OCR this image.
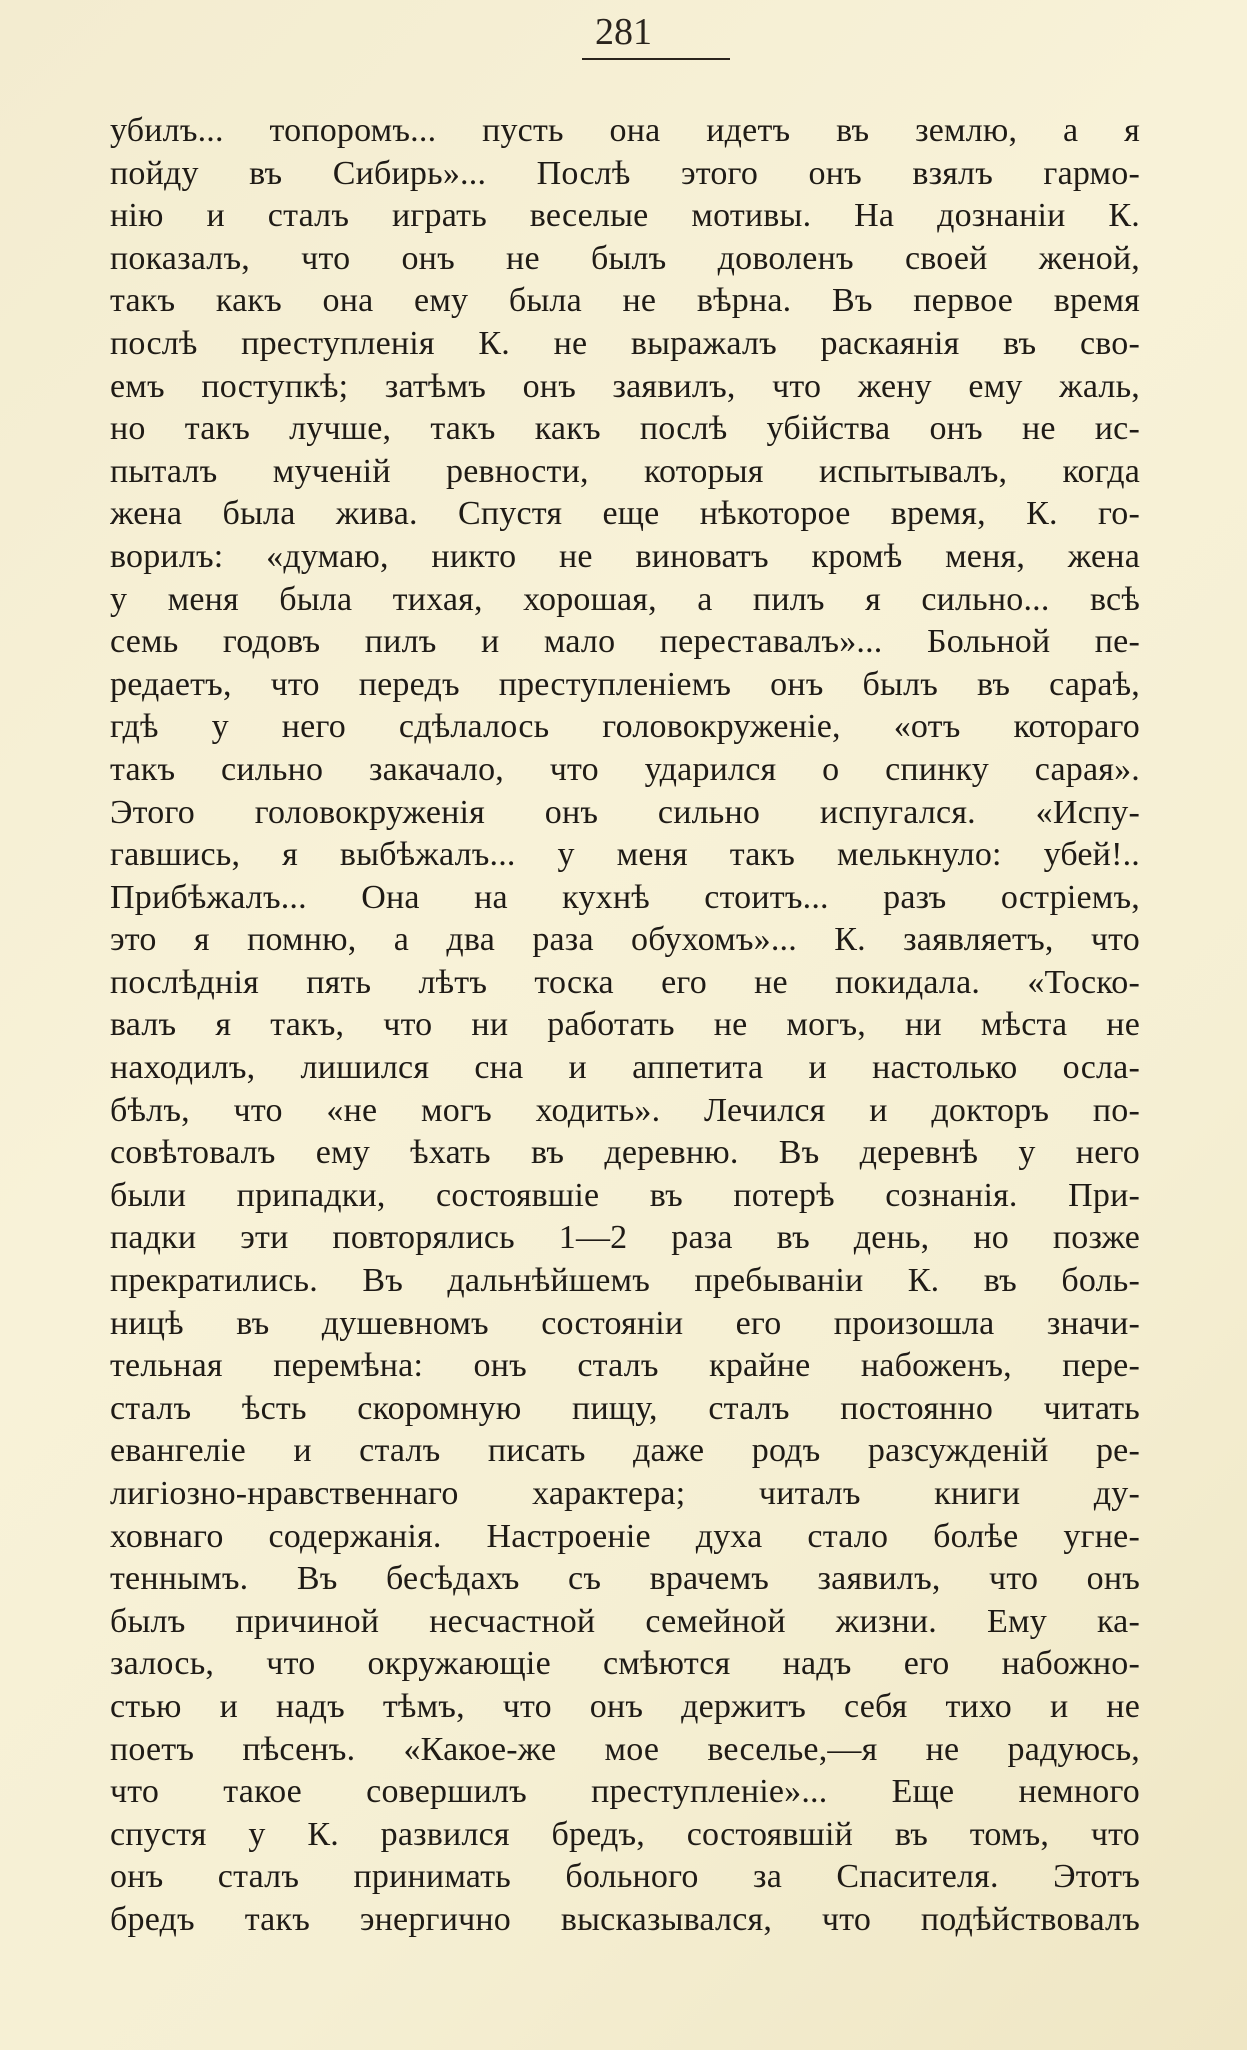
281
убилъ... топоромъ... пусть она идетъ въ землю, а я
пойду въ Сибирь»... Послѣ этого онъ взялъ гармо-
нію и сталъ играть веселые мотивы. На дознаніи К.
показалъ, что онъ не былъ доволенъ своей женой,
такъ какъ она ему была не вѣрна. Въ первое время
послѣ преступленія К. не выражалъ раскаянія въ сво-
емъ поступкѣ; затѣмъ онъ заявилъ, что жену ему жаль,
но такъ лучше, такъ какъ послѣ убійства онъ не ис-
пыталъ мученій ревности, которыя испытывалъ, когда
жена была жива. Спустя еще нѣкоторое время, К. го-
ворилъ: «думаю, никто не виноватъ кромѣ меня, жена
у меня была тихая, хорошая, а пилъ я сильно... всѣ
семь годовъ пилъ и мало переставалъ»... Больной пе-
редаетъ, что передъ преступленіемъ онъ былъ въ сараѣ,
гдѣ у него сдѣлалось головокруженіе, «отъ котораго
такъ сильно закачало, что ударился о спинку сарая».
Этого головокруженія онъ сильно испугался. «Испу-
гавшись, я выбѣжалъ... у меня такъ мелькнуло: убей!..
Прибѣжалъ... Она на кухнѣ стоитъ... разъ остріемъ,
это я помню, а два раза обухомъ»... К. заявляетъ, что
послѣднія пять лѣтъ тоска его не покидала. «Тоско-
валъ я такъ, что ни работать не могъ, ни мѣста не
находилъ, лишился сна и аппетита и настолько осла-
бѣлъ, что «не могъ ходить». Лечился и докторъ по-
совѣтовалъ ему ѣхать въ деревню. Въ деревнѣ у него
были припадки, состоявшіе въ потерѣ сознанія. При-
падки эти повторялись 1—2 раза въ день, но позже
прекратились. Въ дальнѣйшемъ пребываніи К. въ боль-
ницѣ въ душевномъ состояніи его произошла значи-
тельная перемѣна: онъ сталъ крайне набоженъ, пере-
сталъ ѣсть скоромную пищу, сталъ постоянно читать
евангеліе и сталъ писать даже родъ разсужденій ре-
лигіозно-нравственнаго характера; читалъ книги ду-
ховнаго содержанія. Настроеніе духа стало болѣе угне-
теннымъ. Въ бесѣдахъ съ врачемъ заявилъ, что онъ
былъ причиной несчастной семейной жизни. Ему ка-
залось, что окружающіе смѣются надъ его набожно-
стью и надъ тѣмъ, что онъ держитъ себя тихо и не
поетъ пѣсенъ. «Какое-же мое веселье,—я не радуюсь,
что такое совершилъ преступленіе»... Еще немного
спустя у К. развился бредъ, состоявшій въ томъ, что
онъ сталъ принимать больного за Спасителя. Этотъ
бредъ такъ энергично высказывался, что подѣйствовалъ
